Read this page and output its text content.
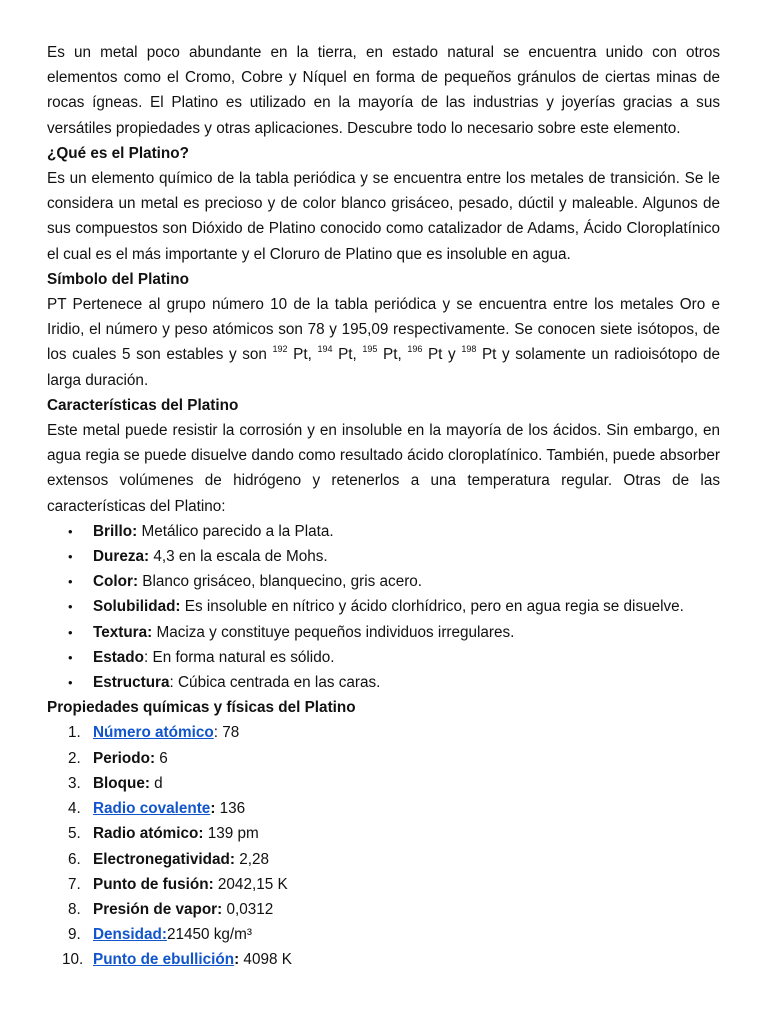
Es un metal poco abundante en la tierra, en estado natural se encuentra unido con otros elementos como el Cromo, Cobre y Níquel en forma de pequeños gránulos de ciertas minas de rocas ígneas. El Platino es utilizado en la mayoría de las industrias y joyerías gracias a sus versátiles propiedades y otras aplicaciones. Descubre todo lo necesario sobre este elemento.

¿Qué es el Platino?

Es un elemento químico de la tabla periódica y se encuentra entre los metales de transición. Se le considera un metal es precioso y de color blanco grisáceo, pesado, dúctil y maleable. Algunos de sus compuestos son Dióxido de Platino conocido como catalizador de Adams, Ácido Cloroplatínico el cual es el más importante y el Cloruro de Platino que es insoluble en agua.

Símbolo del Platino

PT Pertenece al grupo número 10 de la tabla periódica y se encuentra entre los metales Oro e Iridio, el número y peso atómicos son 78 y 195,09 respectivamente. Se conocen siete isótopos, de los cuales 5 son estables y son $^{192}$ Pt, $^{194}$ Pt, $^{195}$ Pt, $^{196}$ Pt y $^{198}$ Pt y solamente un radioisótopo de larga duración.

Características del Platino

Este metal puede resistir la corrosión y en insoluble en la mayoría de los ácidos. Sin embargo, en agua regia se puede disuelve dando como resultado ácido cloroplatínico. También, puede absorber extensos volúmenes de hidrógeno y retenerlos a una temperatura regular. Otras de las características del Platino:

• Brillo: Metálico parecido a la Plata.
• Dureza: 4,3 en la escala de Mohs.
• Color: Blanco grisáceo, blanquecino, gris acero.
• Solubilidad: Es insoluble en nítrico y ácido clorhídrico, pero en agua regia se disuelve.
• Textura: Maciza y constituye pequeños individuos irregulares.
• Estado: En forma natural es sólido.
• Estructura: Cúbica centrada en las caras.
Propiedades químicas y físicas del Platino
1. Número atómico: 78
2. Periodo: 6
3. Bloque: d
4. Radio covalente: 136
5. Radio atómico: 139 pm
6. Electronegatividad: 2,28
7. Punto de fusión: 2042,15 K
8. Presión de vapor: 0,0312
9. Densidad:21450 kg/m³
10. Punto de ebullición: 4098 K
